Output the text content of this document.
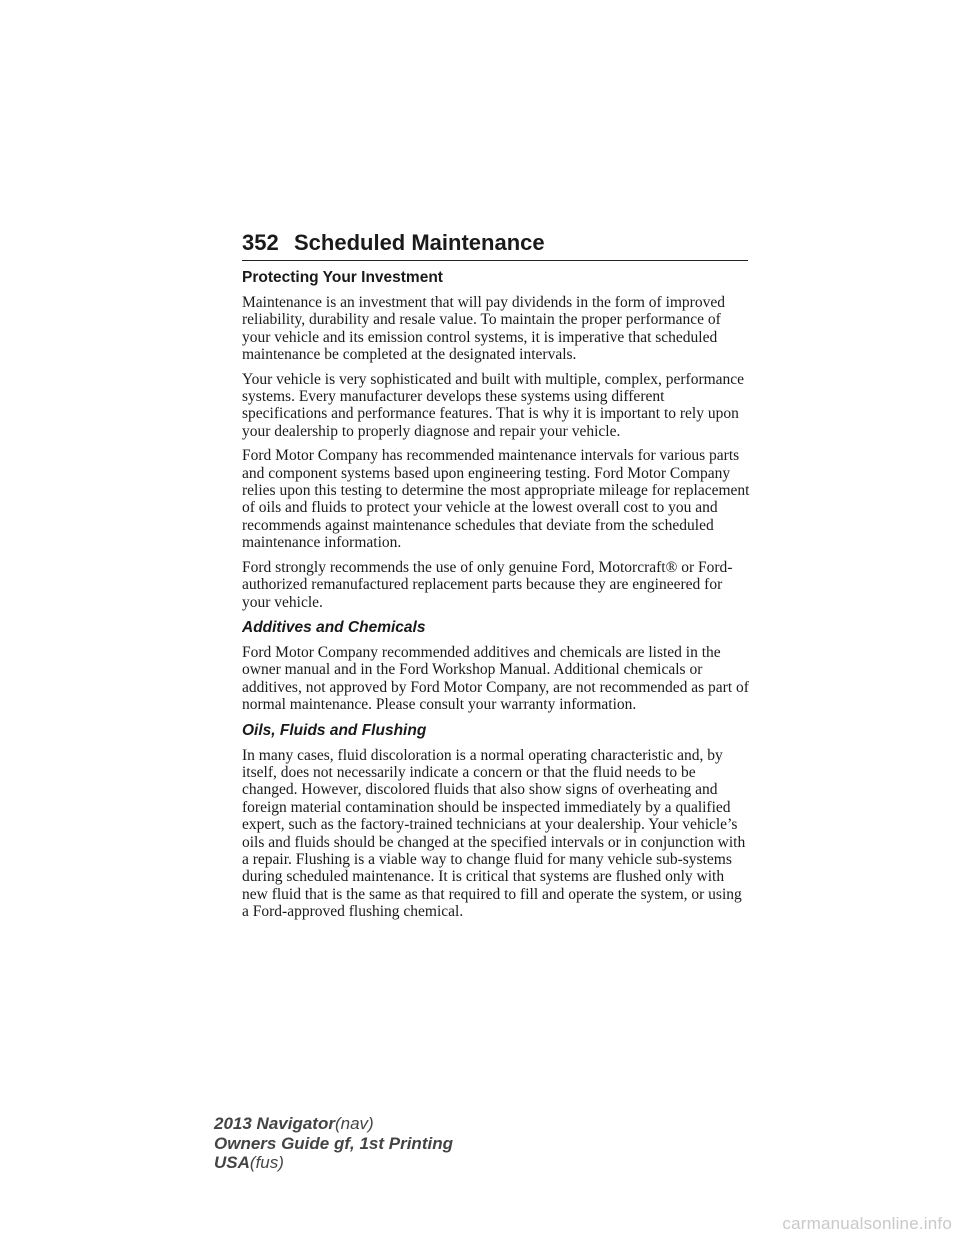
352 Scheduled Maintenance
Protecting Your Investment

Maintenance is an investment that will pay dividends in the form of improved reliability, durability and resale value. To maintain the proper performance of your vehicle and its emission control systems, it is imperative that scheduled maintenance be completed at the designated intervals.

Your vehicle is very sophisticated and built with multiple, complex, performance systems. Every manufacturer develops these systems using different specifications and performance features. That is why it is important to rely upon your dealership to properly diagnose and repair your vehicle.

Ford Motor Company has recommended maintenance intervals for various parts and component systems based upon engineering testing. Ford Motor Company relies upon this testing to determine the most appropriate mileage for replacement of oils and fluids to protect your vehicle at the lowest overall cost to you and recommends against maintenance schedules that deviate from the scheduled maintenance information.

Ford strongly recommends the use of only genuine Ford, Motorcraft® or Ford-authorized remanufactured replacement parts because they are engineered for your vehicle.

Additives and Chemicals

Ford Motor Company recommended additives and chemicals are listed in the owner manual and in the Ford Workshop Manual. Additional chemicals or additives, not approved by Ford Motor Company, are not recommended as part of normal maintenance. Please consult your warranty information.

Oils, Fluids and Flushing

In many cases, fluid discoloration is a normal operating characteristic and, by itself, does not necessarily indicate a concern or that the fluid needs to be changed. However, discolored fluids that also show signs of overheating and foreign material contamination should be inspected immediately by a qualified expert, such as the factory-trained technicians at your dealership. Your vehicle’s oils and fluids should be changed at the specified intervals or in conjunction with a repair. Flushing is a viable way to change fluid for many vehicle sub-systems during scheduled maintenance. It is critical that systems are flushed only with new fluid that is the same as that required to fill and operate the system, or using a Ford-approved flushing chemical.

2013 Navigator(nav)
Owners Guide gf, 1st Printing
USA(fus)
carmanualsonline.info
